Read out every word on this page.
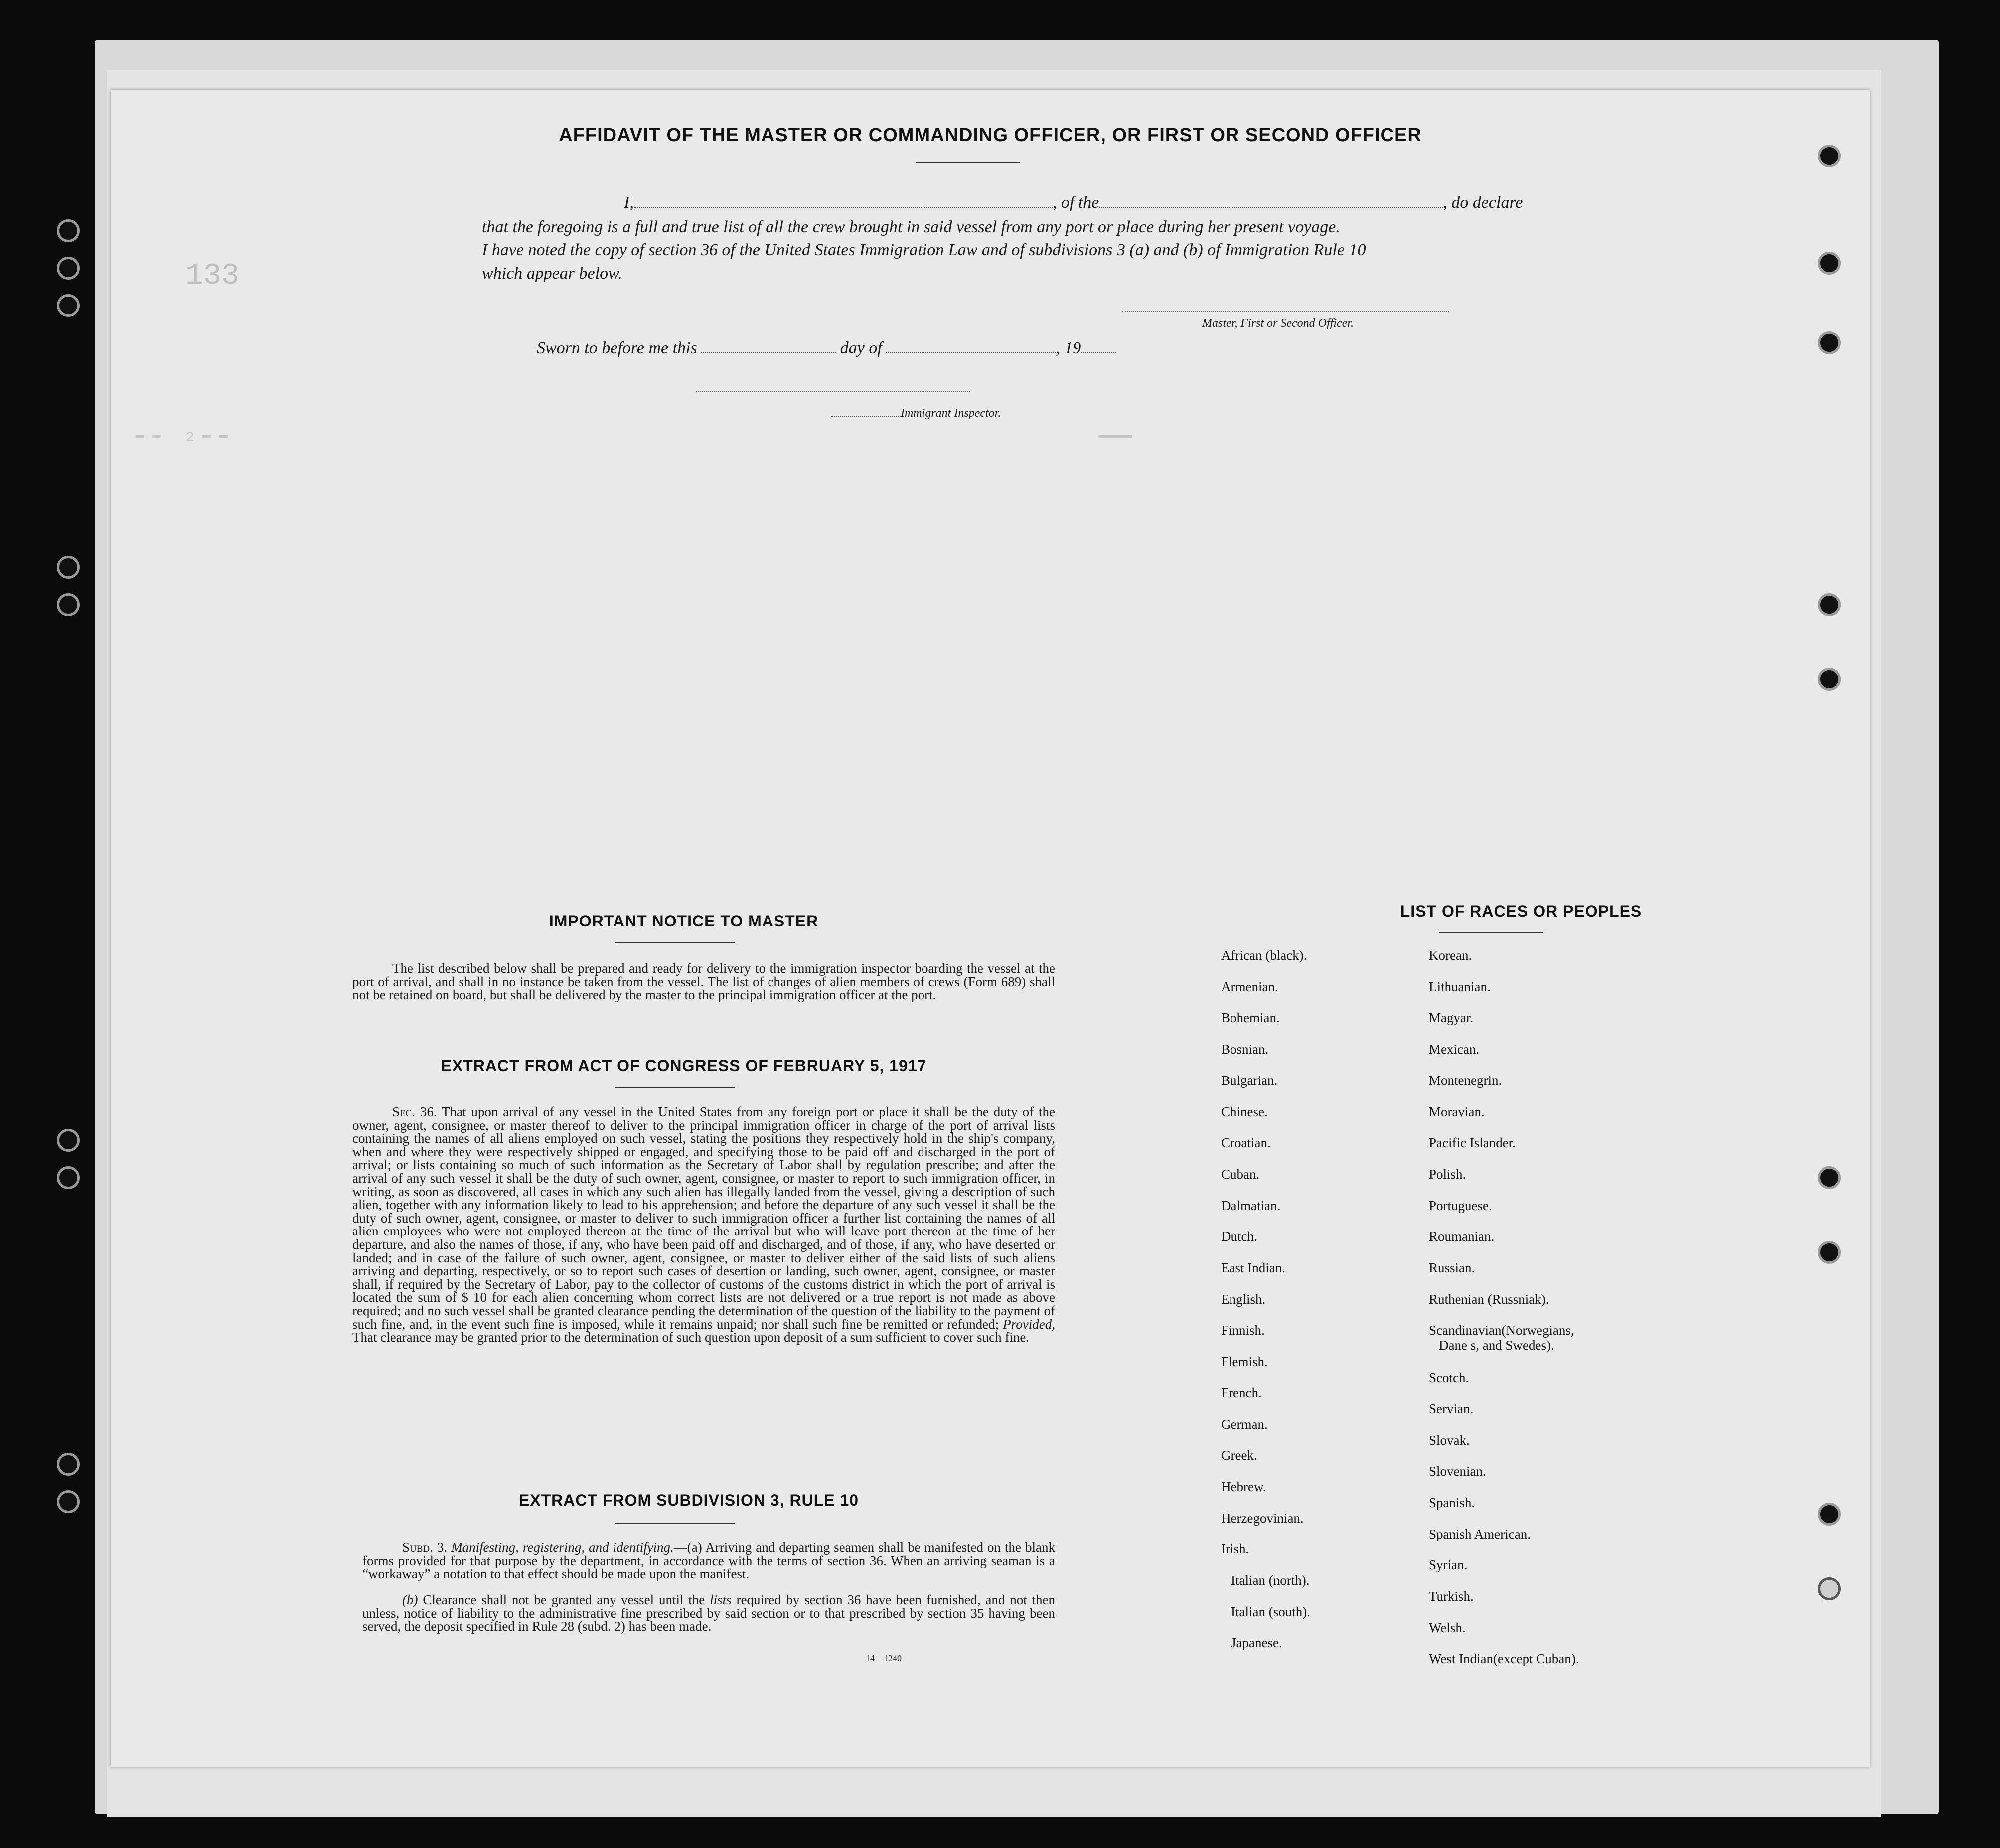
133
━ ━   2 ━ ━                                                                                                        ━━━━
AFFIDAVIT OF THE MASTER OR COMMANDING OFFICER, OR FIRST OR SECOND OFFICER
I,	, of the	, do declare
that the foregoing is a full and true list of all the crew brought in said vessel from any port or place during her present voyage.
I have noted the copy of section 36 of the United States Immigration Law and of subdivisions 3 (a) and (b) of Immigration Rule 10
which appear below.
Master, First or Second Officer.
Sworn to before me this	day of	, 19
Immigrant Inspector.
IMPORTANT NOTICE TO MASTER
The list described below shall be prepared and ready for delivery to the immigration inspector boarding the vessel at the port of arrival, and shall in no instance be taken from the vessel. The list of changes of alien members of crews (Form 689) shall not be retained on board, but shall be delivered by the master to the principal immigration officer at the port.
EXTRACT FROM ACT OF CONGRESS OF FEBRUARY 5, 1917
Sec. 36. That upon arrival of any vessel in the United States from any foreign port or place it shall be the duty of the owner, agent, consignee, or master thereof to deliver to the principal immigration officer in charge of the port of arrival lists containing the names of all aliens employed on such vessel, stating the positions they respectively hold in the ship's company, when and where they were respectively shipped or engaged, and specifying those to be paid off and discharged in the port of arrival; or lists containing so much of such information as the Secretary of Labor shall by regulation prescribe; and after the arrival of any such vessel it shall be the duty of such owner, agent, consignee, or master to report to such immigration officer, in writing, as soon as discovered, all cases in which any such alien has illegally landed from the vessel, giving a description of such alien, together with any information likely to lead to his apprehension; and before the departure of any such vessel it shall be the duty of such owner, agent, consignee, or master to deliver to such immigration officer a further list containing the names of all alien employees who were not employed thereon at the time of the arrival but who will leave port thereon at the time of her departure, and also the names of those, if any, who have been paid off and discharged, and of those, if any, who have deserted or landed; and in case of the failure of such owner, agent, consignee, or master to deliver either of the said lists of such aliens arriving and departing, respectively, or so to report such cases of desertion or landing, such owner, agent, consignee, or master shall, if required by the Secretary of Labor, pay to the collector of customs of the customs district in which the port of arrival is located the sum of $ 10 for each alien concerning whom correct lists are not delivered or a true report is not made as above required; and no such vessel shall be granted clearance pending the determination of the question of the liability to the payment of such fine, and, in the event such fine is imposed, while it remains unpaid; nor shall such fine be remitted or refunded; Provided, That clearance may be granted prior to the determination of such question upon deposit of a sum sufficient to cover such fine.
EXTRACT FROM SUBDIVISION 3, RULE 10
Subd. 3. Manifesting, registering, and identifying.—(a) Arriving and departing seamen shall be manifested on the blank forms provided for that purpose by the department, in accordance with the terms of section 36. When an arriving seaman is a “workaway” a notation to that effect should be made upon the manifest.
(b) Clearance shall not be granted any vessel until the lists required by section 36 have been furnished, and not then unless, notice of liability to the administrative fine prescribed by said section or to that prescribed by section 35 having been served, the deposit specified in Rule 28 (subd. 2) has been made.
14—1240
LIST OF RACES OR PEOPLES
African (black).
Armenian.
Bohemian.
Bosnian.
Bulgarian.
Chinese.
Croatian.
Cuban.
Dalmatian.
Dutch.
East Indian.
English.
Finnish.
Flemish.
French.
German.
Greek.
Hebrew.
Herzegovinian.
Irish.
Italian (north).
Italian (south).
Japanese.
Korean.
Lithuanian.
Magyar.
Mexican.
Montenegrin.
Moravian.
Pacific Islander.
Polish.
Portuguese.
Roumanian.
Russian.
Ruthenian (Russniak).
Scandinavian(Norwegians,
Dane s, and Swedes).
Scotch.
Servian.
Slovak.
Slovenian.
Spanish.
Spanish American.
Syrian.
Turkish.
Welsh.
West Indian(except Cuban).
